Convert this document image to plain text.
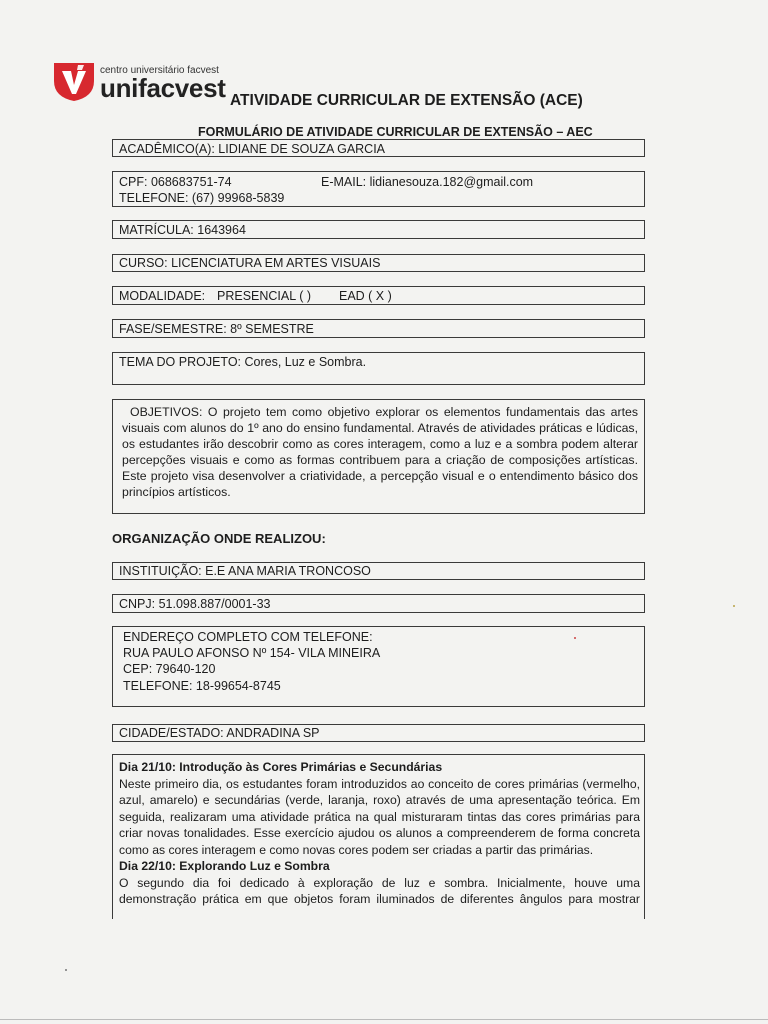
centro universitário facvest
unifacvest ATIVIDADE CURRICULAR DE EXTENSÃO (ACE)
FORMULÁRIO DE ATIVIDADE CURRICULAR DE EXTENSÃO – AEC
ACADÊMICO(A): LIDIANE DE SOUZA GARCIA
CPF: 068683751-74	E-MAIL: lidianesouza.182@gmail.com
TELEFONE: (67) 99968-5839
MATRÍCULA: 1643964
CURSO: LICENCIATURA EM ARTES VISUAIS
MODALIDADE: PRESENCIAL ( ) EAD ( X )
FASE/SEMESTRE: 8º SEMESTRE
TEMA DO PROJETO: Cores, Luz e Sombra.
OBJETIVOS: O projeto tem como objetivo explorar os elementos fundamentais das artes visuais com alunos do 1º ano do ensino fundamental. Através de atividades práticas e lúdicas, os estudantes irão descobrir como as cores interagem, como a luz e a sombra podem alterar percepções visuais e como as formas contribuem para a criação de composições artísticas. Este projeto visa desenvolver a criatividade, a percepção visual e o entendimento básico dos princípios artísticos.
ORGANIZAÇÃO ONDE REALIZOU:
INSTITUIÇÃO: E.E ANA MARIA TRONCOSO
CNPJ: 51.098.887/0001-33
ENDEREÇO COMPLETO COM TELEFONE:
RUA PAULO AFONSO Nº 154- VILA MINEIRA
CEP: 79640-120
TELEFONE: 18-99654-8745
CIDADE/ESTADO: ANDRADINA SP
Dia 21/10: Introdução às Cores Primárias e Secundárias
Neste primeiro dia, os estudantes foram introduzidos ao conceito de cores primárias (vermelho, azul, amarelo) e secundárias (verde, laranja, roxo) através de uma apresentação teórica. Em seguida, realizaram uma atividade prática na qual misturaram tintas das cores primárias para criar novas tonalidades. Esse exercício ajudou os alunos a compreenderem de forma concreta como as cores interagem e como novas cores podem ser criadas a partir das primárias.
Dia 22/10: Explorando Luz e Sombra
O segundo dia foi dedicado à exploração de luz e sombra. Inicialmente, houve uma demonstração prática em que objetos foram iluminados de diferentes ângulos para mostrar
